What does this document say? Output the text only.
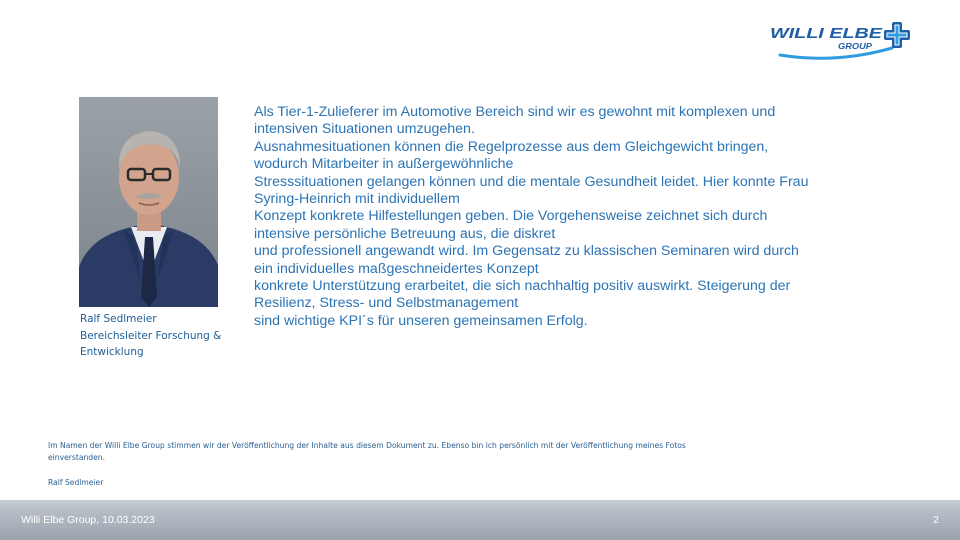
WILLI ELBE
GROUP
Ralf Sedlmeier
Bereichsleiter Forschung &
Entwicklung
Als Tier-1-Zulieferer im Automotive Bereich sind wir es gewohnt mit komplexen und
intensiven Situationen umzugehen.
Ausnahmesituationen können die Regelprozesse aus dem Gleichgewicht bringen,
wodurch Mitarbeiter in außergewöhnliche
Stresssituationen gelangen können und die mentale Gesundheit leidet. Hier konnte Frau
Syring-Heinrich mit individuellem
Konzept konkrete Hilfestellungen geben. Die Vorgehensweise zeichnet sich durch
intensive persönliche Betreuung aus, die diskret
und professionell angewandt wird. Im Gegensatz zu klassischen Seminaren wird durch
ein individuelles maßgeschneidertes Konzept
konkrete Unterstützung erarbeitet, die sich nachhaltig positiv auswirkt. Steigerung der
Resilienz, Stress- und Selbstmanagement
sind wichtige KPI´s für unseren gemeinsamen Erfolg.
Im Namen der Willi Elbe Group stimmen wir der Veröffentlichung der Inhalte aus diesem Dokument zu. Ebenso bin ich persönlich mit der Veröffentlichung meines Fotos
einverstanden.
Ralf Sedlmeier
Willi Elbe Group, 10.03.2023	2
